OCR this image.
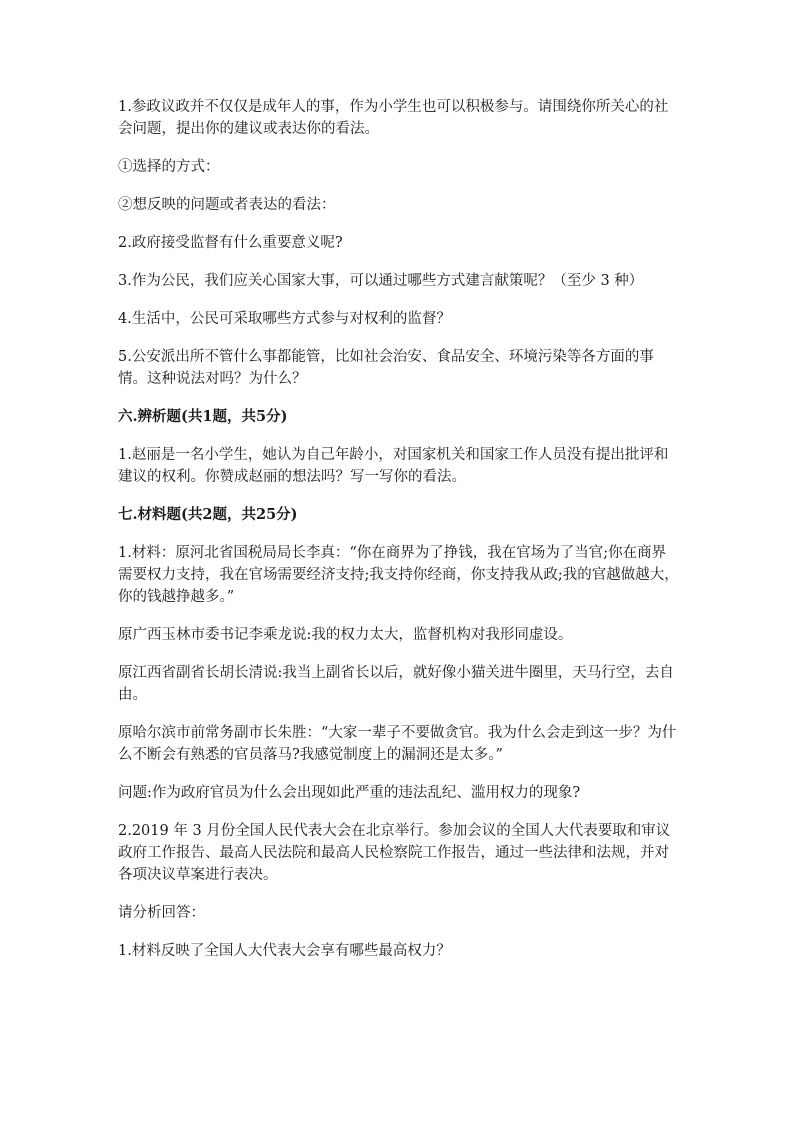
1.参政议政并不仅仅是成年人的事，作为小学生也可以积极参与。请围绕你所关心的社会问题，提出你的建议或表达你的看法。

①选择的方式：

②想反映的问题或者表达的看法：

2.政府接受监督有什么重要意义呢?

3.作为公民，我们应关心国家大事，可以通过哪些方式建言献策呢？（至少 3 种）

4.生活中，公民可采取哪些方式参与对权利的监督？

5.公安派出所不管什么事都能管，比如社会治安、食品安全、环境污染等各方面的事情。这种说法对吗？为什么？

六.辨析题(共1题，共5分)

1.赵丽是一名小学生，她认为自己年龄小，对国家机关和国家工作人员没有提出批评和建议的权利。你赞成赵丽的想法吗？写一写你的看法。

七.材料题(共2题，共25分)

1.材料：原河北省国税局局长李真：“你在商界为了挣钱，我在官场为了当官;你在商界需要权力支持，我在官场需要经济支持;我支持你经商，你支持我从政;我的官越做越大，你的钱越挣越多。”

原广西玉林市委书记李乘龙说:我的权力太大，监督机构对我形同虚设。

原江西省副省长胡长清说:我当上副省长以后，就好像小猫关进牛圈里，天马行空，去自由。

原哈尔滨市前常务副市长朱胜：“大家一辈子不要做贪官。我为什么会走到这一步？为什么不断会有熟悉的官员落马?我感觉制度上的漏洞还是太多。”

问题:作为政府官员为什么会出现如此严重的违法乱纪、滥用权力的现象?

2.2019 年 3 月份全国人民代表大会在北京举行。参加会议的全国人大代表要取和审议政府工作报告、最高人民法院和最高人民检察院工作报告，通过一些法律和法规，并对各项决议草案进行表决。

请分析回答：

1.材料反映了全国人大代表大会享有哪些最高权力？
